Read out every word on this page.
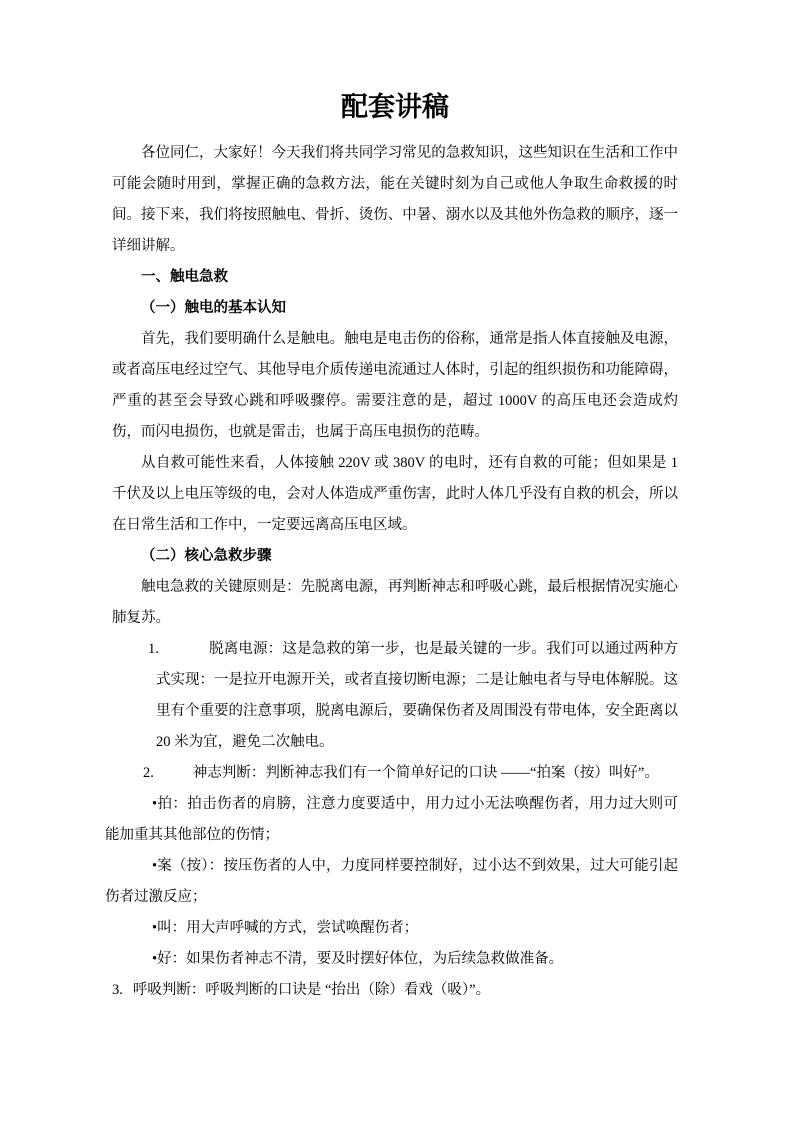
配套讲稿

各位同仁，大家好！今天我们将共同学习常见的急救知识，这些知识在生活和工作中可能会随时用到，掌握正确的急救方法，能在关键时刻为自己或他人争取生命救援的时间。接下来，我们将按照触电、骨折、烫伤、中暑、溺水以及其他外伤急救的顺序，逐一详细讲解。

一、触电急救

（一）触电的基本认知

首先，我们要明确什么是触电。触电是电击伤的俗称，通常是指人体直接触及电源，或者高压电经过空气、其他导电介质传递电流通过人体时，引起的组织损伤和功能障碍，严重的甚至会导致心跳和呼吸骤停。需要注意的是，超过 1000V 的高压电还会造成灼伤，而闪电损伤，也就是雷击，也属于高压电损伤的范畴。

从自救可能性来看，人体接触 220V 或 380V 的电时，还有自救的可能；但如果是 1 千伏及以上电压等级的电，会对人体造成严重伤害，此时人体几乎没有自救的机会，所以在日常生活和工作中，一定要远离高压电区域。

（二）核心急救步骤

触电急救的关键原则是：先脱离电源，再判断神志和呼吸心跳，最后根据情况实施心肺复苏。

1.	脱离电源：这是急救的第一步，也是最关键的一步。我们可以通过两种方式实现：一是拉开电源开关，或者直接切断电源；二是让触电者与导电体解脱。这里有个重要的注意事项，脱离电源后，要确保伤者及周围没有带电体，安全距离以 20 米为宜，避免二次触电。
2.	神志判断：判断神志我们有一个简单好记的口诀 ——“拍案（按）叫好”。
•拍：拍击伤者的肩膀，注意力度要适中，用力过小无法唤醒伤者，用力过大则可能加重其其他部位的伤情；
•案（按）：按压伤者的人中，力度同样要控制好，过小达不到效果，过大可能引起伤者过激反应；
•叫：用大声呼喊的方式，尝试唤醒伤者；
•好：如果伤者神志不清，要及时摆好体位，为后续急救做准备。
3. 呼吸判断：呼吸判断的口诀是 “抬出（除）看戏（吸）”。
